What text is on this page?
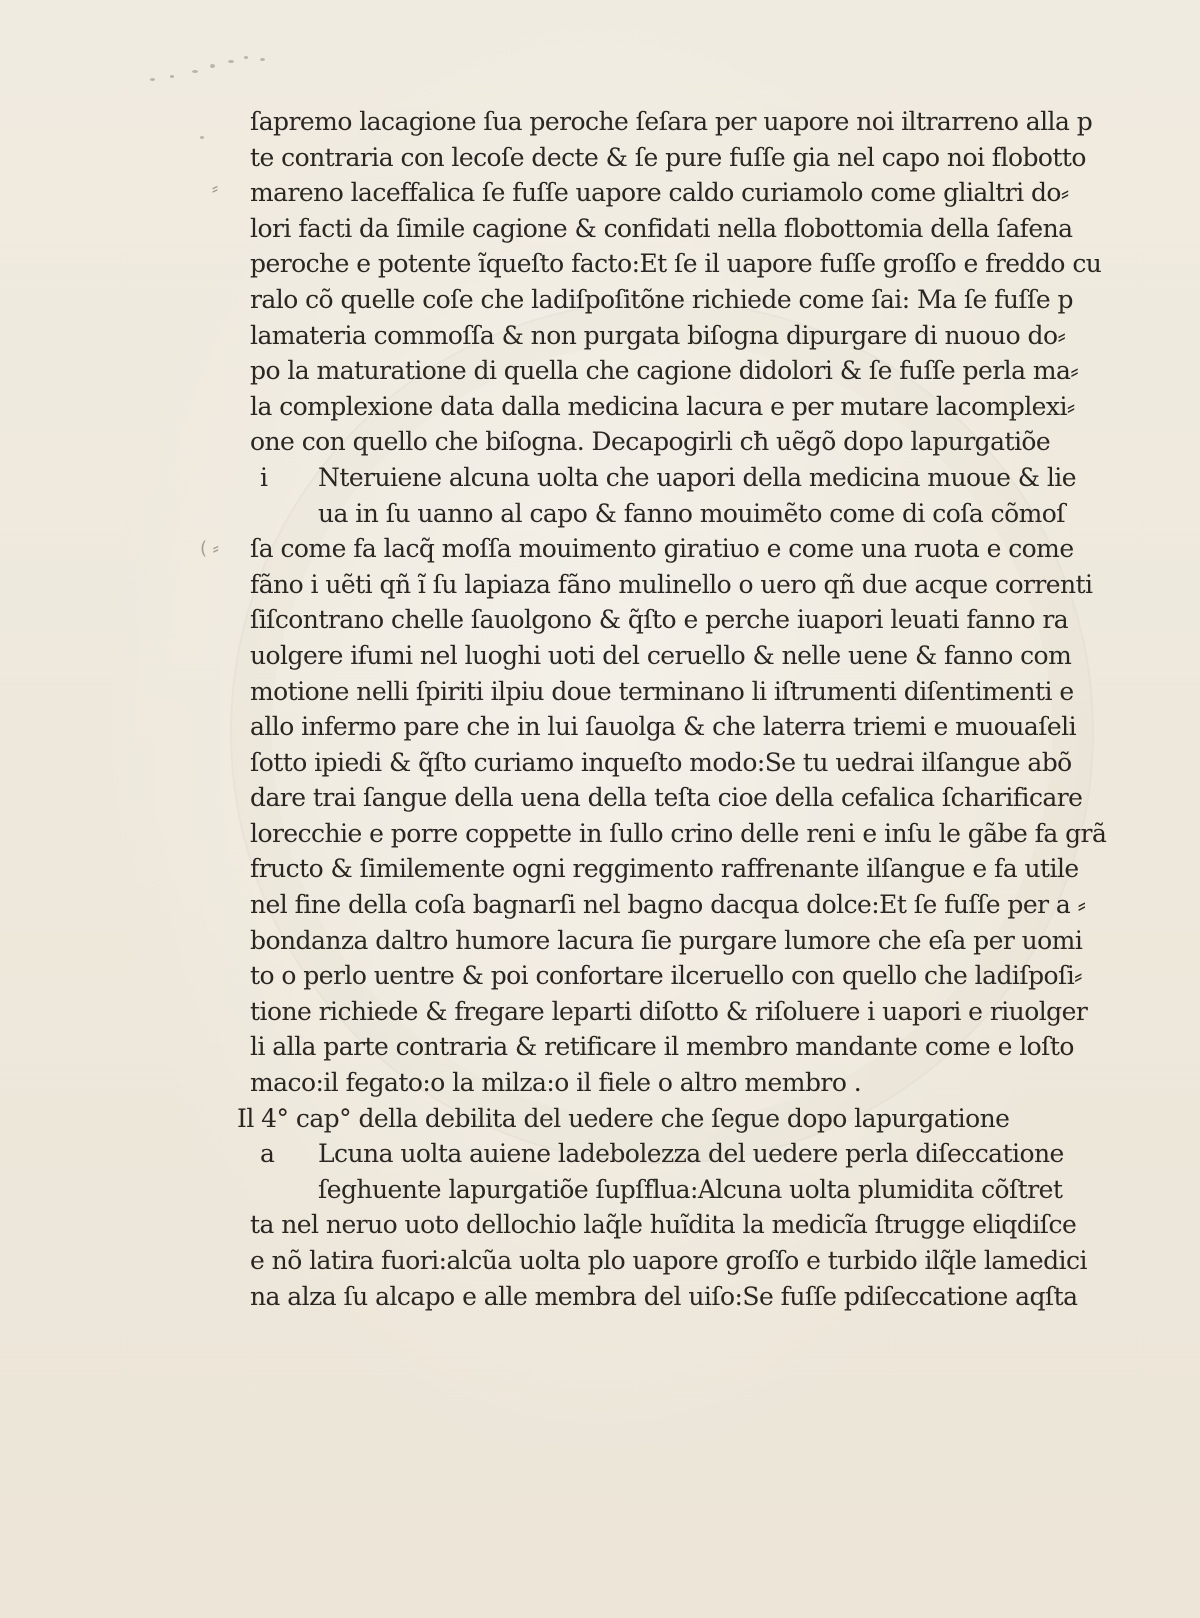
⸗
( ⸗
ſapremo lacagione ſua peroche ſeſara per uapore noi iltrarreno alla p
te contraria con lecoſe decte & ſe pure fuſſe gia nel capo noi flobotto
mareno laceffalica ſe fuſſe uapore caldo curiamolo come glialtri do⸗
lori facti da ſimile cagione & confidati nella flobottomia della ſafena
peroche e potente ĩqueſto facto:Et ſe il uapore fuſſe groſſo e freddo cu
ralo cõ quelle coſe che ladiſpoſitõne richiede come ſai: Ma ſe fuſſe p
lamateria commoſſa & non purgata biſogna dipurgare di nuouo do⸗
po la maturatione di quella che cagione didolori & ſe fuſſe perla ma⸗
la complexione data dalla medicina lacura e per mutare lacomplexi⸗
one con quello che biſogna. Decapogirli cħ uẽgõ dopo lapurgatiõe
i Nteruiene alcuna uolta che uapori della medicina muoue & lie
ua in ſu uanno al capo & fanno mouimẽto come di coſa cõmoſ
ſa come fa lacq̃ moſſa mouimento giratiuo e come una ruota e come
fãno i uẽti qñ ĩ ſu lapiaza fãno mulinello o uero qñ due acque correnti
ſiſcontrano chelle ſauolgono & q̃ſto e perche iuapori leuati fanno ra
uolgere ifumi nel luoghi uoti del ceruello & nelle uene & fanno com
motione nelli ſpiriti ilpiu doue terminano li iſtrumenti diſentimenti e
allo infermo pare che in lui ſauolga & che laterra triemi e muouaſeli
ſotto ipiedi & q̃ſto curiamo inqueſto modo:Se tu uedrai ilſangue abõ
dare trai ſangue della uena della teſta cioe della cefalica ſcharificare
lorecchie e porre coppette in ſullo crino delle reni e inſu le gãbe fa grã
fructo & ſimilemente ogni reggimento raffrenante ilſangue e fa utile
nel fine della coſa bagnarſi nel bagno dacqua dolce:Et ſe fuſſe per a ⸗
bondanza daltro humore lacura ſie purgare lumore che eſa per uomi
to o perlo uentre & poi confortare ilceruello con quello che ladiſpoſi⸗
tione richiede & fregare leparti diſotto & riſoluere i uapori e riuolger
li alla parte contraria & retificare il membro mandante come e loſto
maco:il fegato:o la milza:o il fiele o altro membro .
Il 4° cap° della debilita del uedere che ſegue dopo lapurgatione
a Lcuna uolta auiene ladebolezza del uedere perla diſeccatione
ſeghuente lapurgatiõe ſupſflua:Alcuna uolta plumidita cõſtret
ta nel neruo uoto dellochio laq̃le huĩdita la medicĩa ſtrugge eliqdiſce
e nõ latira fuori:alcũa uolta plo uapore groſſo e turbido ilq̃le lamedici
na alza ſu alcapo e alle membra del uiſo:Se fuſſe pdiſeccatione aqſta
